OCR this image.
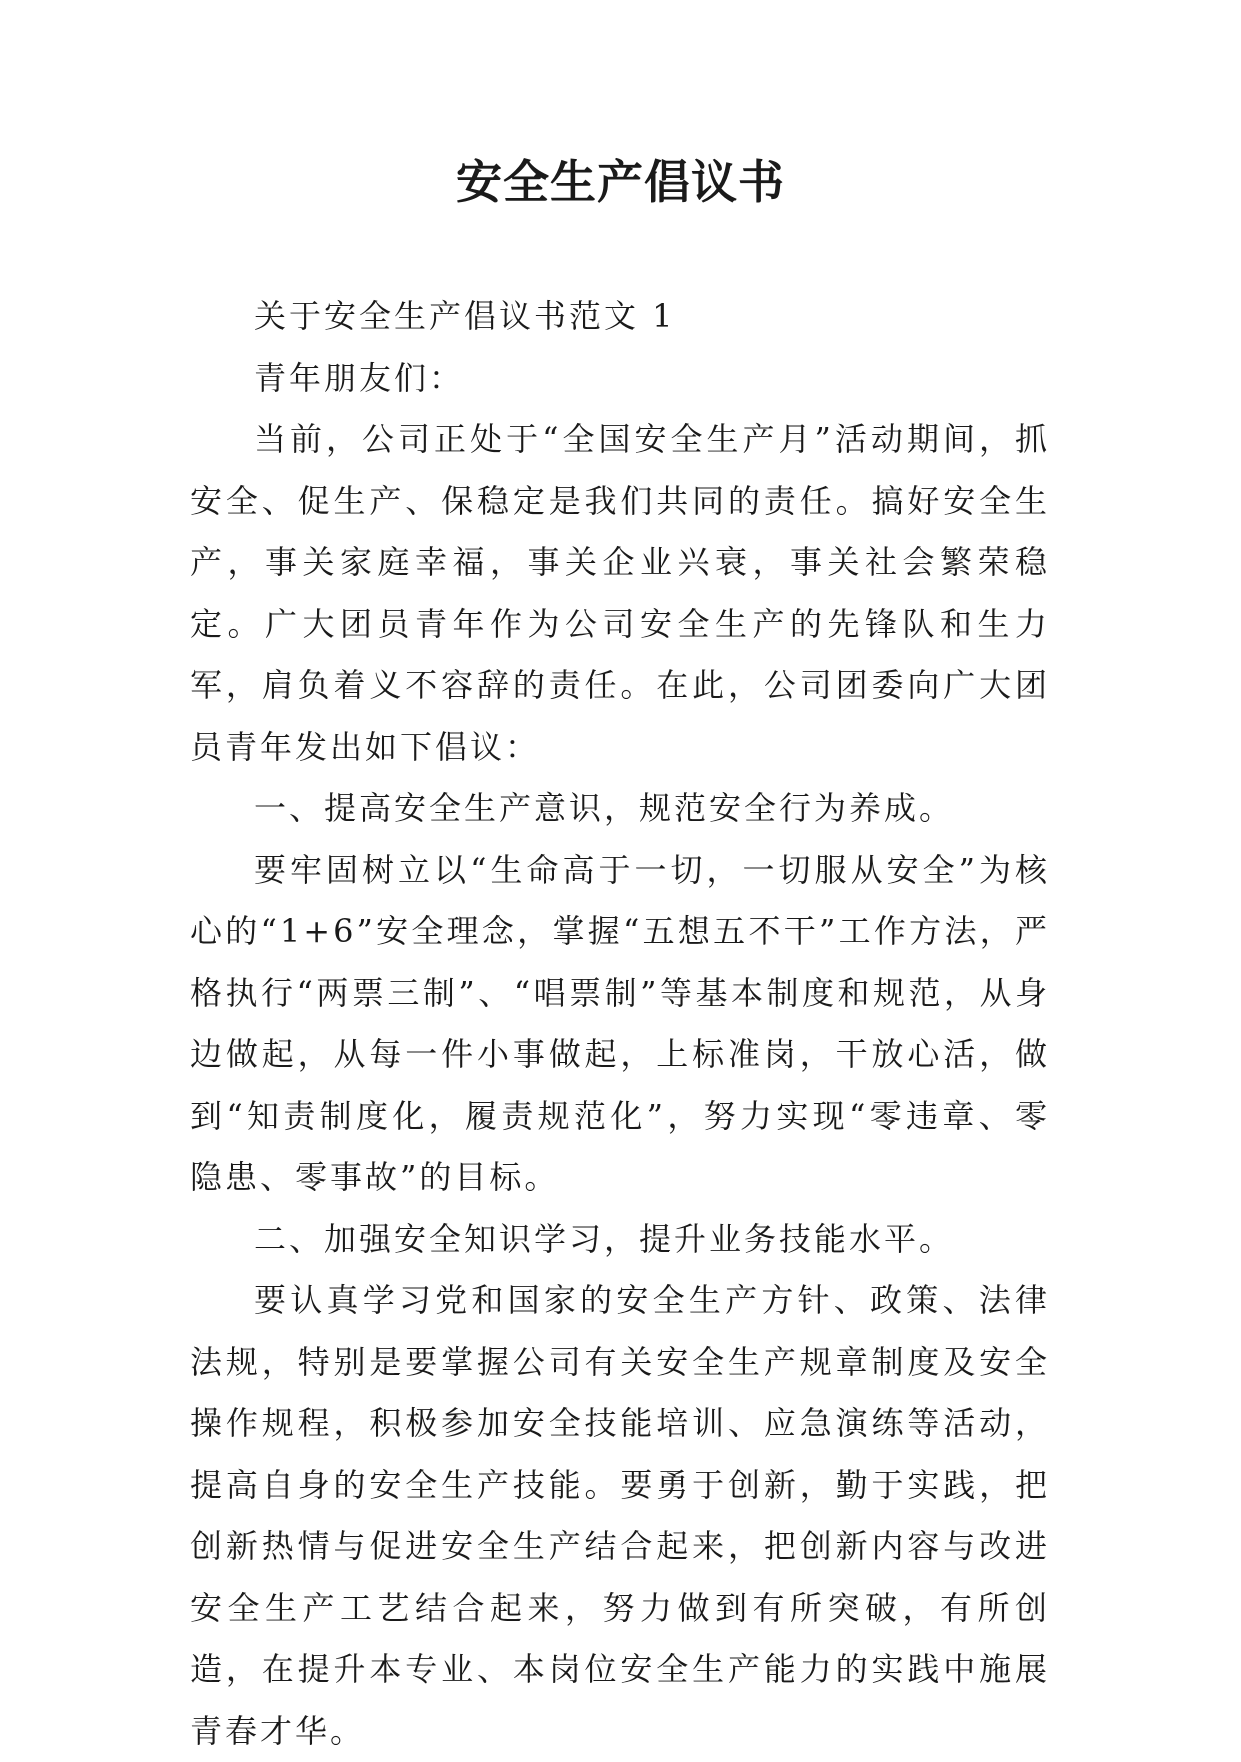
安全生产倡议书

关于安全生产倡议书范文 1

青年朋友们：

当前，公司正处于“全国安全生产月”活动期间，抓安全、促生产、保稳定是我们共同的责任。搞好安全生产，事关家庭幸福，事关企业兴衰，事关社会繁荣稳定。广大团员青年作为公司安全生产的先锋队和生力军，肩负着义不容辞的责任。在此，公司团委向广大团员青年发出如下倡议：

一、提高安全生产意识，规范安全行为养成。

要牢固树立以“生命高于一切，一切服从安全”为核心的“1+6”安全理念，掌握“五想五不干”工作方法，严格执行“两票三制”、“唱票制”等基本制度和规范，从身边做起，从每一件小事做起，上标准岗，干放心活，做到“知责制度化，履责规范化”，努力实现“零违章、零隐患、零事故”的目标。

二、加强安全知识学习，提升业务技能水平。

要认真学习党和国家的安全生产方针、政策、法律法规，特别是要掌握公司有关安全生产规章制度及安全操作规程，积极参加安全技能培训、应急演练等活动，提高自身的安全生产技能。要勇于创新，勤于实践，把创新热情与促进安全生产结合起来，把创新内容与改进安全生产工艺结合起来，努力做到有所突破，有所创造，在提升本专业、本岗位安全生产能力的实践中施展青春才华。
